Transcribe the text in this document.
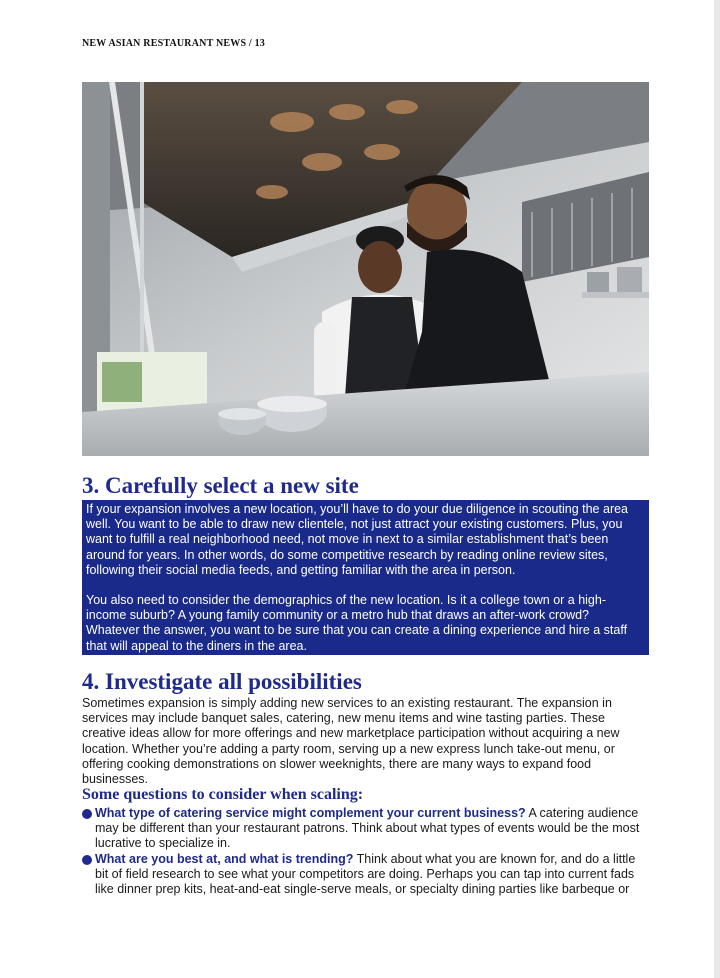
NEW ASIAN RESTAURANT NEWS / 13
3. Carefully select a new site

If your expansion involves a new location, you’ll have to do your due diligence in scouting the area well. You want to be able to draw new clientele, not just attract your existing customers. Plus, you want to fulfill a real neighborhood need, not move in next to a similar establishment that’s been around for years. In other words, do some competitive research by reading online review sites, following their social media feeds, and getting familiar with the area in person.

You also need to consider the demographics of the new location. Is it a college town or a high-income suburb? A young family community or a metro hub that draws an after-work crowd? Whatever the answer, you want to be sure that you can create a dining experience and hire a staff that will appeal to the diners in the area.

4. Investigate all possibilities

Sometimes expansion is simply adding new services to an existing restaurant. The expansion in services may include banquet sales, catering, new menu items and wine tasting parties. These creative ideas allow for more offerings and new marketplace participation without acquiring a new location. Whether you’re adding a party room, serving up a new express lunch take-out menu, or offering cooking demonstrations on slower weeknights, there are many ways to expand food businesses.

Some questions to consider when scaling:
What type of catering service might complement your current business? A catering audience may be different than your restaurant patrons. Think about what types of events would be the most lucrative to specialize in.
What are you best at, and what is trending? Think about what you are known for, and do a little bit of field research to see what your competitors are doing. Perhaps you can tap into current fads like dinner prep kits, heat-and-eat single-serve meals, or specialty dining parties like barbeque or
